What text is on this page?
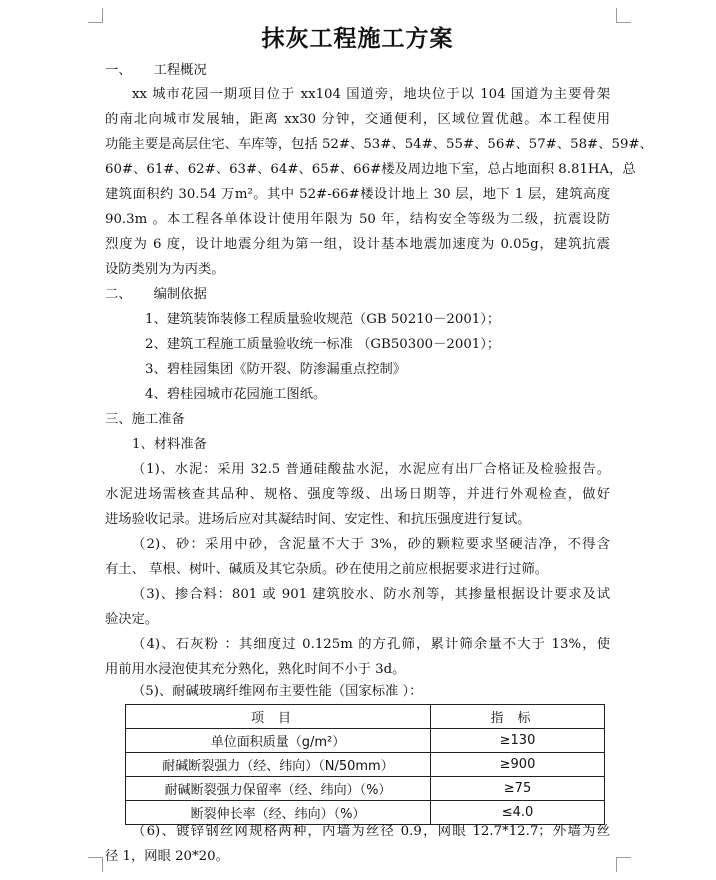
抹灰工程施工方案
一、 工程概况
xx 城市花园一期项目位于 xx104 国道旁，地块位于以 104 国道为主要骨架
的南北向城市发展轴，距离 xx30 分钟，交通便利，区域位置优越。本工程使用
功能主要是高层住宅、车库等，包括 52#、53#、54#、55#、56#、57#、58#、59#、
60#、61#、62#、63#、64#、65#、66#楼及周边地下室，总占地面积 8.81HA，总
建筑面积约 30.54 万m²。其中 52#-66#楼设计地上 30 层，地下 1 层，建筑高度
90.3m 。本工程各单体设计使用年限为 50 年，结构安全等级为二级，抗震设防
烈度为 6 度，设计地震分组为第一组，设计基本地震加速度为 0.05g，建筑抗震
设防类别为为丙类。
二、 编制依据
1、建筑装饰装修工程质量验收规范（GB 50210－2001）；
2、建筑工程施工质量验收统一标准 （GB50300－2001）；
3、碧桂园集团《防开裂、防渗漏重点控制》
4、碧桂园城市花园施工图纸。
三、施工准备
1、材料准备
（1)、水泥：采用 32.5 普通硅酸盐水泥，水泥应有出厂合格证及检验报告。
水泥进场需核查其品种、规格、强度等级、出场日期等，并进行外观检查，做好
进场验收记录。进场后应对其凝结时间、安定性、和抗压强度进行复试。
（2)、砂：采用中砂，含泥量不大于 3%，砂的颗粒要求坚硬洁净，不得含
有土、 草根、树叶、碱质及其它杂质。砂在使用之前应根据要求进行过筛。
（3)、掺合料：801 或 901 建筑胶水、防水剂等，其掺量根据设计要求及试
验决定。
（4)、石灰粉 ：其细度过 0.125m 的方孔筛，累计筛余量不大于 13%，使
用前用水浸泡使其充分熟化，熟化时间不小于 3d。
（5)、耐碱玻璃纤维网布主要性能（国家标准 ）：
项目	指标
单位面积质量（g/m²）	≥130
耐碱断裂强力（经、纬向）（N/50mm）	≥900
耐碱断裂强力保留率（经、纬向）（%）	≥75
断裂伸长率（经、纬向）（%）	≤4.0
（6)、镀锌钢丝网规格两种，内墙为丝径 0.9，网眼 12.7*12.7；外墙为丝
径 1，网眼 20*20。
